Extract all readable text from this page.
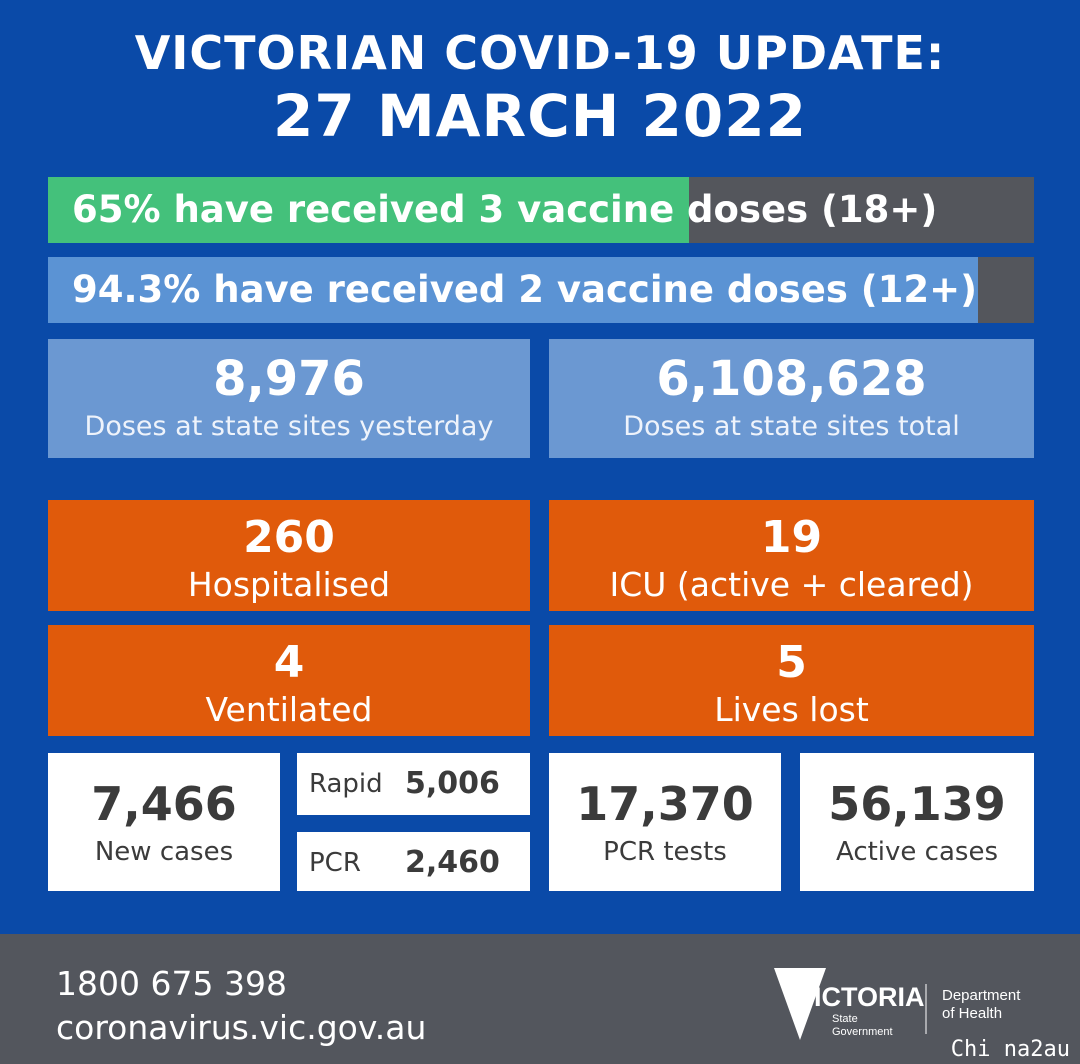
VICTORIAN COVID-19 UPDATE:
27 MARCH 2022
65% have received 3 vaccine doses (18+)
94.3% have received 2 vaccine doses (12+)
8,976
Doses at state sites yesterday
6,108,628
Doses at state sites total
260
Hospitalised
19
ICU (active + cleared)
4
Ventilated
5
Lives lost
7,466
New cases
Rapid 5,006
PCR 2,460
17,370
PCR tests
56,139
Active cases
1800 675 398
coronavirus.vic.gov.au
VICTORIA
State
Government
Department
of Health
Chi na2au
